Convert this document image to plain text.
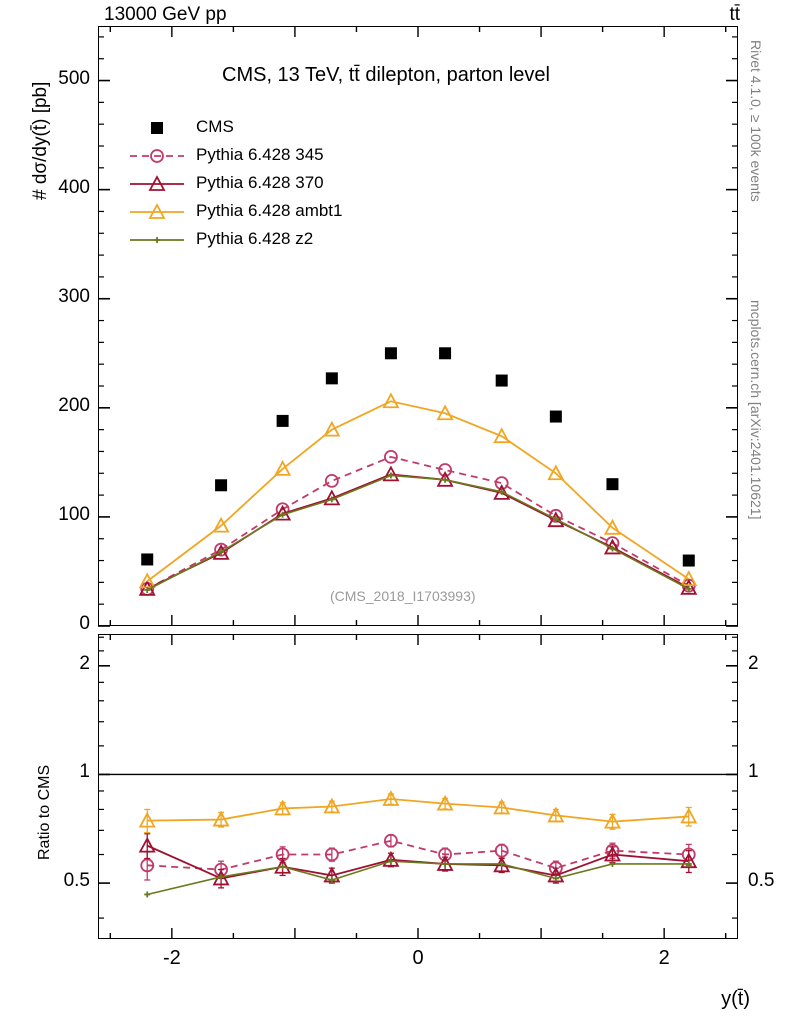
13000 GeV pp	tt̄
Rivet 4.1.0, ≥ 100k events
mcplots.cern.ch [arXiv:2401.10621]
# dσ/dy(t̄) [pb]
Ratio to CMS
y(t̄)
CMS, 13 TeV, tt̄ dilepton, parton level
(CMS_2018_I1703993)
CMS
Pythia 6.428 345
Pythia 6.428 370
Pythia 6.428 ambt1
Pythia 6.428 z2
0
100
200
300
400
500
0.5	0.5
1	1
2	2
-2	0	2
